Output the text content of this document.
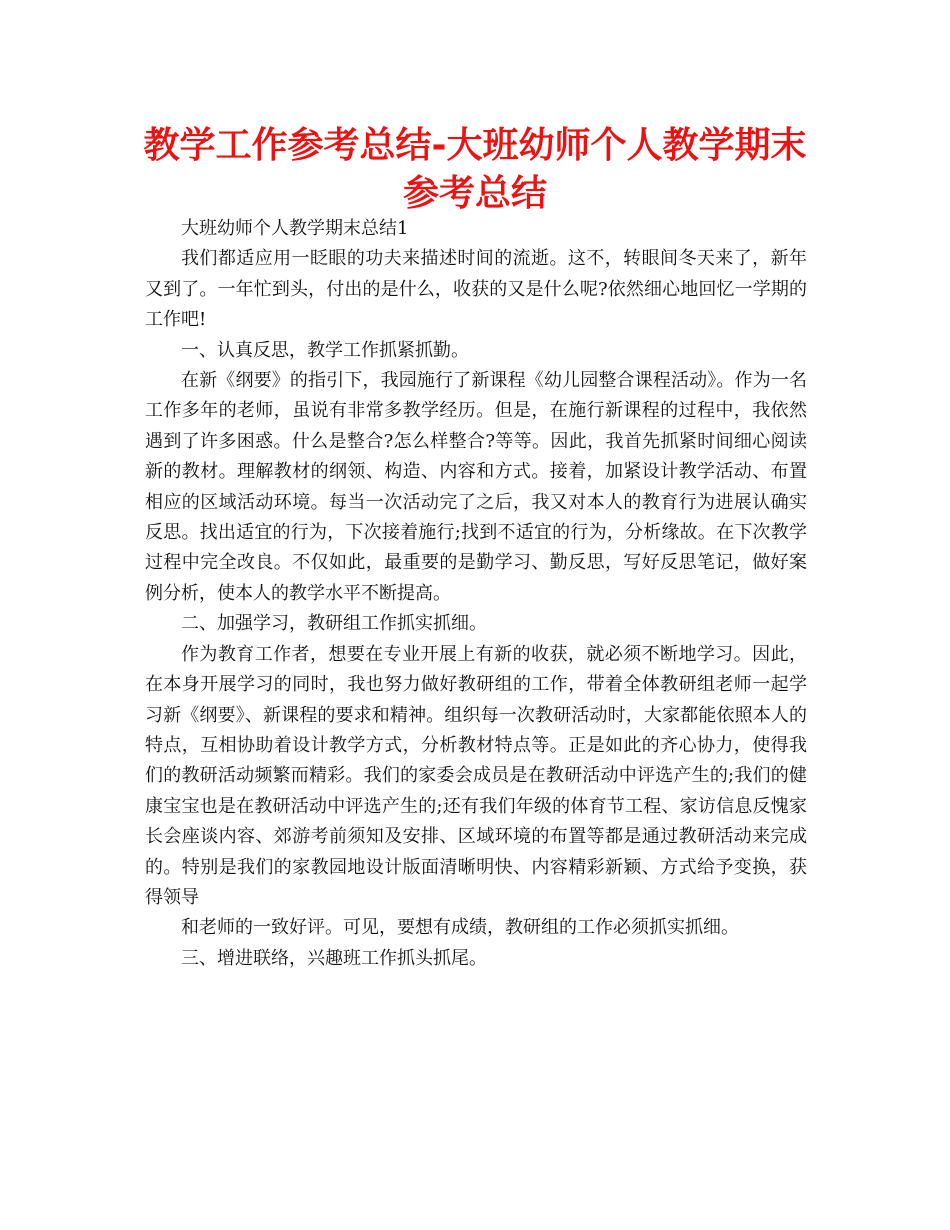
教学工作参考总结-大班幼师个人教学期末参考总结

大班幼师个人教学期末总结1

我们都适应用一眨眼的功夫来描述时间的流逝。这不，转眼间冬天来了，新年又到了。一年忙到头，付出的是什么，收获的又是什么呢?依然细心地回忆一学期的工作吧!

一、认真反思，教学工作抓紧抓勤。

在新《纲要》的指引下，我园施行了新课程《幼儿园整合课程活动》。作为一名工作多年的老师，虽说有非常多教学经历。但是，在施行新课程的过程中，我依然遇到了许多困惑。什么是整合?怎么样整合?等等。因此，我首先抓紧时间细心阅读新的教材。理解教材的纲领、构造、内容和方式。接着，加紧设计教学活动、布置相应的区域活动环境。每当一次活动完了之后，我又对本人的教育行为进展认确实反思。找出适宜的行为，下次接着施行;找到不适宜的行为，分析缘故。在下次教学过程中完全改良。不仅如此，最重要的是勤学习、勤反思，写好反思笔记，做好案例分析，使本人的教学水平不断提高。

二、加强学习，教研组工作抓实抓细。

作为教育工作者，想要在专业开展上有新的收获，就必须不断地学习。因此，在本身开展学习的同时，我也努力做好教研组的工作，带着全体教研组老师一起学习新《纲要》、新课程的要求和精神。组织每一次教研活动时，大家都能依照本人的特点，互相协助着设计教学方式，分析教材特点等。正是如此的齐心协力，使得我们的教研活动频繁而精彩。我们的家委会成员是在教研活动中评选产生的;我们的健康宝宝也是在教研活动中评选产生的;还有我们年级的体育节工程、家访信息反愧家长会座谈内容、郊游考前须知及安排、区域环境的布置等都是通过教研活动来完成的。特别是我们的家教园地设计版面清晰明快、内容精彩新颖、方式给予变换，获得领导

和老师的一致好评。可见，要想有成绩，教研组的工作必须抓实抓细。

三、增进联络，兴趣班工作抓头抓尾。
